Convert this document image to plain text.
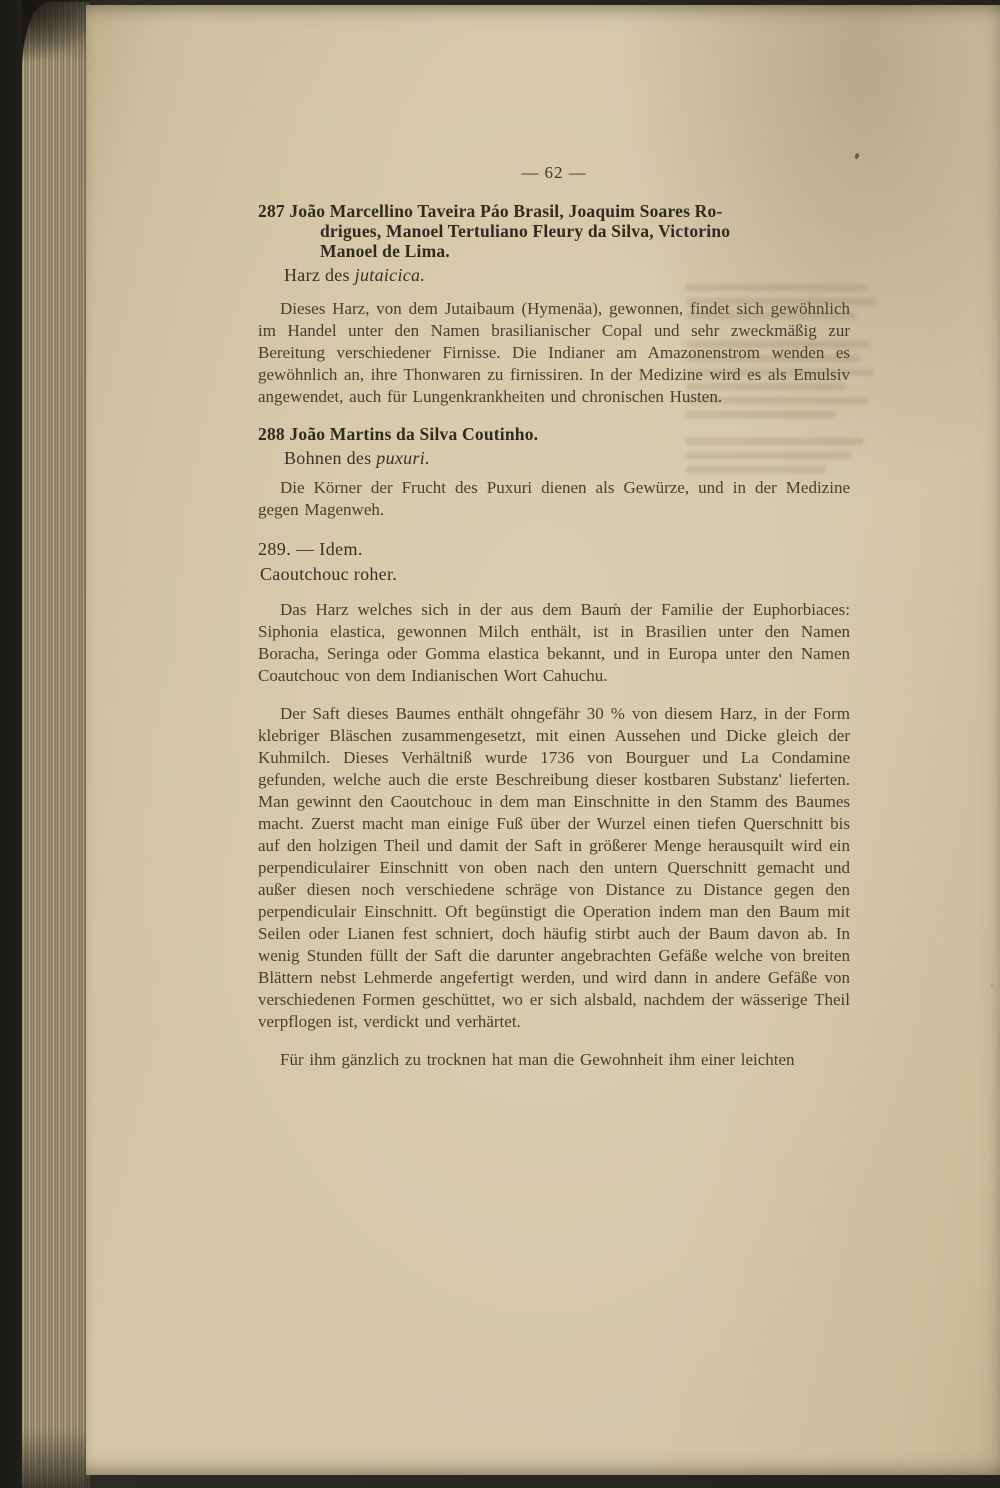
— 62 —
287 João Marcellino Taveira Páo Brasil, Joaquim Soares Ro-
drigues, Manoel Tertuliano Fleury da Silva, Victorino
Manoel de Lima.
Harz des jutaicica.
Dieses Harz, von dem Jutaibaum (Hymenäa), gewonnen, findet sich gewöhnlich im Handel unter den Namen brasilianischer Copal und sehr zweckmäßig zur Bereitung verschiedener Firnisse. Die Indianer am Amazonenstrom wenden es gewöhnlich an, ihre Thonwaren zu firnissiren. In der Medizine wird es als Emulsiv angewendet, auch für Lungenkrankheiten und chronischen Husten.
288 João Martins da Silva Coutinho.
Bohnen des puxuri.
Die Körner der Frucht des Puxuri dienen als Gewürze, und in der Medizine gegen Magenweh.
289. — Idem.
Caoutchouc roher.
Das Harz welches sich in der aus dem Baum der Familie der Euphorbiaces: Siphonia elastica, gewonnen Milch enthält, ist in Brasilien unter den Namen Boracha, Seringa oder Gomma elastica bekannt, und in Europa unter den Namen Coautchouc von dem Indianischen Wort Cahuchu.
Der Saft dieses Baumes enthält ohngefähr 30 % von diesem Harz, in der Form klebriger Bläschen zusammengesetzt, mit einen Aussehen und Dicke gleich der Kuhmilch. Dieses Verhältniß wurde 1736 von Bourguer und La Condamine gefunden, welche auch die erste Beschreibung dieser kostbaren Substanz' lieferten. Man gewinnt den Caoutchouc in dem man Einschnitte in den Stamm des Baumes macht. Zuerst macht man einige Fuß über der Wurzel einen tiefen Querschnitt bis auf den holzigen Theil und damit der Saft in größerer Menge herausquilt wird ein perpendiculairer Einschnitt von oben nach den untern Querschnitt gemacht und außer diesen noch verschiedene schräge von Distance zu Distance gegen den perpendiculair Einschnitt. Oft begünstigt die Operation indem man den Baum mit Seilen oder Lianen fest schniert, doch häufig stirbt auch der Baum davon ab. In wenig Stunden füllt der Saft die darunter angebrachten Gefäße welche von breiten Blättern nebst Lehmerde angefertigt werden, und wird dann in andere Gefäße von verschiedenen Formen geschüttet, wo er sich alsbald, nachdem der wässerige Theil verpflogen ist, verdickt und verhärtet.
Für ihm gänzlich zu trocknen hat man die Gewohnheit ihm einer leichten
